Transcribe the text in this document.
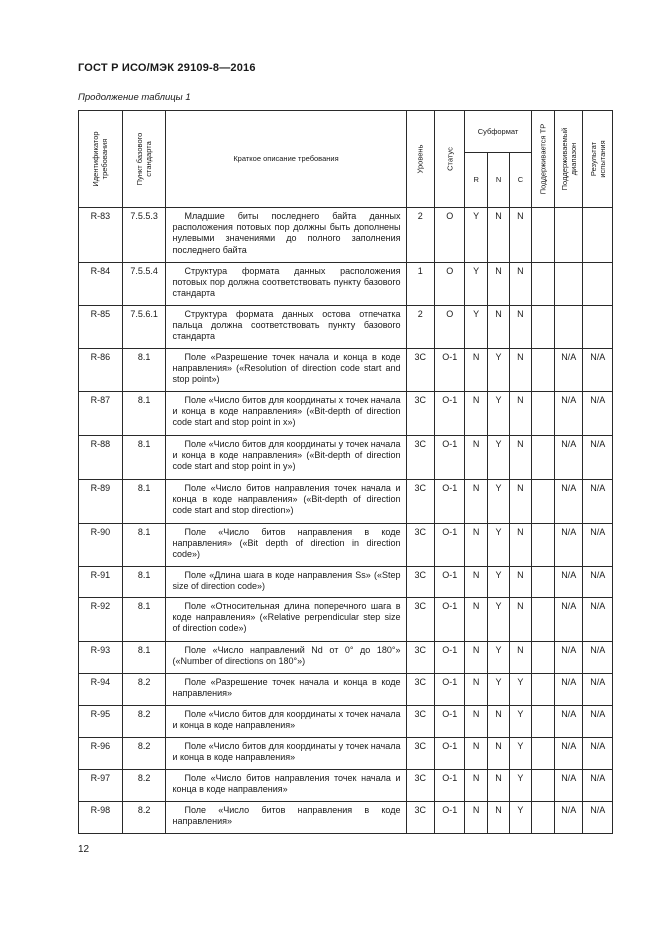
ГОСТ Р ИСО/МЭК 29109-8—2016
Продолжение таблицы 1
Идентификатор требования	Пункт базового стандарта	Краткое описание требования	Уровень	Статус	Субформат			Поддерживается ТР	Поддерживаемый диапазон	Результат испытания

					R	N	C			
R-83	7.5.5.3	Младшие биты последнего байта данных расположения потовых пор должны быть дополнены нулевыми значениями до полного заполнения последнего байта	2	О	Y	N	N			
R-84	7.5.5.4	Структура формата данных расположения потовых пор должна соответствовать пункту базового стандарта	1	О	Y	N	N			
R-85	7.5.6.1	Структура формата данных остова отпечатка пальца должна соответствовать пункту базового стандарта	2	О	Y	N	N			
R-86	8.1	Поле «Разрешение точек начала и конца в коде направления» («Resolution of direction code start and stop point»)	3С	О-1	N	Y	N		N/A	N/A
R-87	8.1	Поле «Число битов для координаты x точек начала и конца в коде направления» («Bit-depth of direction code start and stop point in x»)	3С	О-1	N	Y	N		N/A	N/A
R-88	8.1	Поле «Число битов для координаты y точек начала и конца в коде направления» («Bit-depth of direction code start and stop point in y»)	3С	О-1	N	Y	N		N/A	N/A
R-89	8.1	Поле «Число битов направления точек начала и конца в коде направления» («Bit-depth of direction code start and stop direction»)	3С	О-1	N	Y	N		N/A	N/A
R-90	8.1	Поле «Число битов направления в коде направления» («Bit depth of direction in direction code»)	3С	О-1	N	Y	N		N/A	N/A
R-91	8.1	Поле «Длина шага в коде направления Ss» («Step size of direction code»)	3С	О-1	N	Y	N		N/A	N/A
R-92	8.1	Поле «Относительная длина поперечного шага в коде направления» («Relative perpendicular step size of direction code»)	3С	О-1	N	Y	N		N/A	N/A
R-93	8.1	Поле «Число направлений Nd от 0° до 180°» («Number of directions on 180°»)	3С	О-1	N	Y	N		N/A	N/A
R-94	8.2	Поле «Разрешение точек начала и конца в коде направления»	3С	О-1	N	Y	Y		N/A	N/A
R-95	8.2	Поле «Число битов для координаты x точек начала и конца в коде направления»	3С	О-1	N	N	Y		N/A	N/A
R-96	8.2	Поле «Число битов для координаты y точек начала и конца в коде направления»	3С	О-1	N	N	Y		N/A	N/A
R-97	8.2	Поле «Число битов направления точек начала и конца в коде направления»	3С	О-1	N	N	Y		N/A	N/A
R-98	8.2	Поле «Число битов направления в коде направления»	3С	О-1	N	N	Y		N/A	N/A
12
